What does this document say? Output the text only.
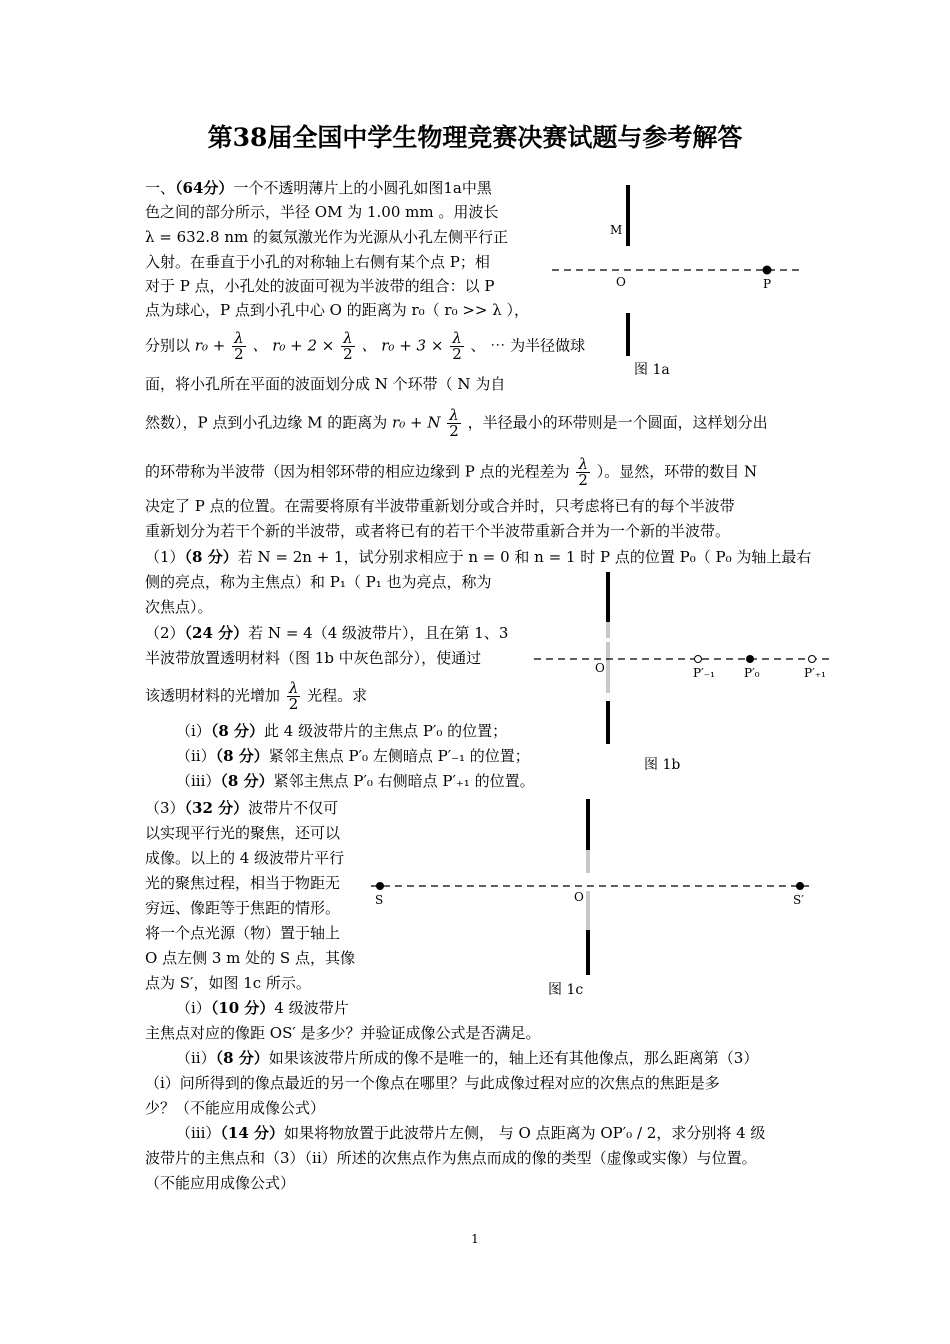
第38届全国中学生物理竞赛决赛试题与参考解答
一、（64分）一个不透明薄片上的小圆孔如图1a中黑
色之间的部分所示，半径 OM 为 1.00 mm 。用波长
λ = 632.8 nm 的氦氖激光作为光源从小孔左侧平行正
入射。在垂直于小孔的对称轴上右侧有某个点 P；相
对于 P 点，小孔处的波面可视为半波带的组合：以 P
点为球心，P 点到小孔中心 O 的距离为 r₀（ r₀ >> λ ），
分别以 $r_0 + \frac{\lambda}{2}$ 、 $r_0 + 2 \times \frac{\lambda}{2}$ 、 $r_0 + 3 \times \frac{\lambda}{2}$ 、 ⋯ 为半径做球
面，将小孔所在平面的波面划分成 N 个环带（ N 为自
然数），P 点到小孔边缘 M 的距离为 r₀ + N $\frac{\lambda}{2}$ ，半径最小的环带则是一个圆面，这样划分出
的环带称为半波带（因为相邻环带的相应边缘到 P 点的光程差为 $\frac{\lambda}{2}$ ）。显然，环带的数目 N
决定了 P 点的位置。在需要将原有半波带重新划分或合并时，只考虑将已有的每个半波带
重新划分为若干个新的半波带，或者将已有的若干个半波带重新合并为一个新的半波带。
（1）（8 分）若 N = 2n + 1，试分别求相应于 n = 0 和 n = 1 时 P 点的位置 P₀（ P₀ 为轴上最右
侧的亮点，称为主焦点）和 P₁（ P₁ 也为亮点，称为
次焦点）。
（2）（24 分）若 N = 4（4 级波带片），且在第 1、3
半波带放置透明材料（图 1b 中灰色部分），使通过
该透明材料的光增加 $\frac{\lambda}{2}$ 光程。求
（i）（8 分）此 4 级波带片的主焦点 P′₀ 的位置；
（ii）（8 分）紧邻主焦点 P′₀ 左侧暗点 P′₋₁ 的位置；
（iii）（8 分）紧邻主焦点 P′₀ 右侧暗点 P′₊₁ 的位置。
（3）（32 分）波带片不仅可
以实现平行光的聚焦，还可以
成像。以上的 4 级波带片平行
光的聚焦过程，相当于物距无
穷远、像距等于焦距的情形。
将一个点光源（物）置于轴上
O 点左侧 3 m 处的 S 点，其像
点为 S′，如图 1c 所示。
（i）（10 分）4 级波带片
主焦点对应的像距 OS′ 是多少？并验证成像公式是否满足。
（ii）（8 分）如果该波带片所成的像不是唯一的，轴上还有其他像点，那么距离第（3）
（i）问所得到的像点最近的另一个像点在哪里？与此成像过程对应的次焦点的焦距是多
少？（不能应用成像公式）
（iii）（14 分）如果将物放置于此波带片左侧， 与 O 点距离为 OP′₀ / 2，求分别将 4 级
波带片的主焦点和（3）（ii）所述的次焦点作为焦点而成的像的类型（虚像或实像）与位置。
（不能应用成像公式）
M
O	P
图 1a
O	P′₋₁ P′₀	P′₊₁
图 1b
S	O	S′
图 1c
1
